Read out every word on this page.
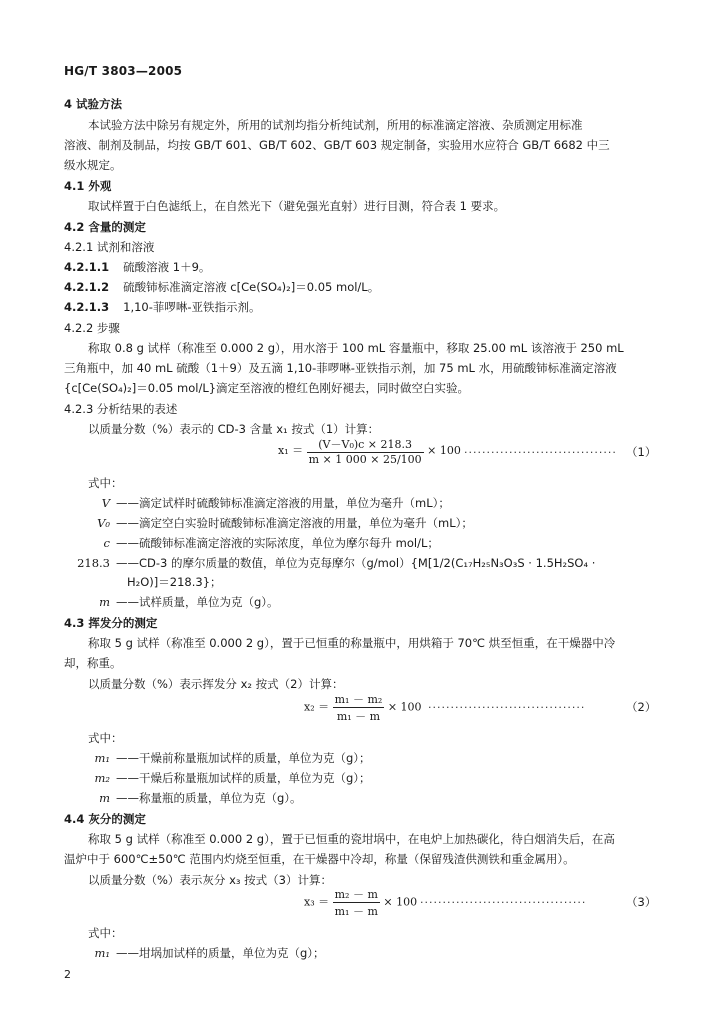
HG/T 3803—2005
4 试验方法
本试验方法中除另有规定外，所用的试剂均指分析纯试剂，所用的标准滴定溶液、杂质测定用标准
溶液、制剂及制品，均按 GB/T 601、GB/T 602、GB/T 603 规定制备，实验用水应符合 GB/T 6682 中三
级水规定。
4.1 外观
取试样置于白色滤纸上，在自然光下（避免强光直射）进行目测，符合表 1 要求。
4.2 含量的测定
4.2.1 试剂和溶液
4.2.1.1 硫酸溶液 1＋9。
4.2.1.2 硫酸铈标准滴定溶液 c[Ce(SO₄)₂]＝0.05 mol/L。
4.2.1.3 1,10-菲啰啉-亚铁指示剂。
4.2.2 步骤
称取 0.8 g 试样（称准至 0.000 2 g），用水溶于 100 mL 容量瓶中，移取 25.00 mL 该溶液于 250 mL
三角瓶中，加 40 mL 硫酸（1＋9）及五滴 1,10-菲啰啉-亚铁指示剂，加 75 mL 水，用硫酸铈标准滴定溶液
{c[Ce(SO₄)₂]＝0.05 mol/L}滴定至溶液的橙红色刚好褪去，同时做空白实验。
4.2.3 分析结果的表述
以质量分数（%）表示的 CD-3 含量 x₁ 按式（1）计算：
$x_1 = \frac{\text{(V－V₀)c × 218.3}}{m \times 1 000 \times 25/100} \times 100$ ·································· （1）
式中：
V ——滴定试样时硫酸铈标准滴定溶液的用量，单位为毫升（mL）；
V₀ ——滴定空白实验时硫酸铈标准滴定溶液的用量，单位为毫升（mL）；
c ——硫酸铈标准滴定溶液的实际浓度，单位为摩尔每升 mol/L；
218.3 ——CD-3 的摩尔质量的数值，单位为克每摩尔（g/mol）{M[1/2(C₁₇H₂₅N₃O₃S · 1.5H₂SO₄ ·
H₂O)]＝218.3}；
m ——试样质量，单位为克（g）。
4.3 挥发分的测定
称取 5 g 试样（称准至 0.000 2 g），置于已恒重的称量瓶中，用烘箱于 70℃ 烘至恒重，在干燥器中冷
却，称重。
以质量分数（%）表示挥发分 x₂ 按式（2）计算：
$x_2 = \frac{\text{m₁ － m₂}}{\text{m₁ － m}} \times 100$ ···································	（2）
式中：
m₁ ——干燥前称量瓶加试样的质量，单位为克（g）；
m₂ ——干燥后称量瓶加试样的质量，单位为克（g）；
m ——称量瓶的质量，单位为克（g）。
4.4 灰分的测定
称取 5 g 试样（称准至 0.000 2 g），置于已恒重的瓷坩埚中，在电炉上加热碳化，待白烟消失后，在高
温炉中于 600℃±50℃ 范围内灼烧至恒重，在干燥器中冷却，称量（保留残渣供测铁和重金属用）。
以质量分数（%）表示灰分 x₃ 按式（3）计算：
$x_3 = \frac{\text{m₂ － m}}{\text{m₁ － m}} \times 100$ ·····································	（3）
式中：
m₁ ——坩埚加试样的质量，单位为克（g）；
2
